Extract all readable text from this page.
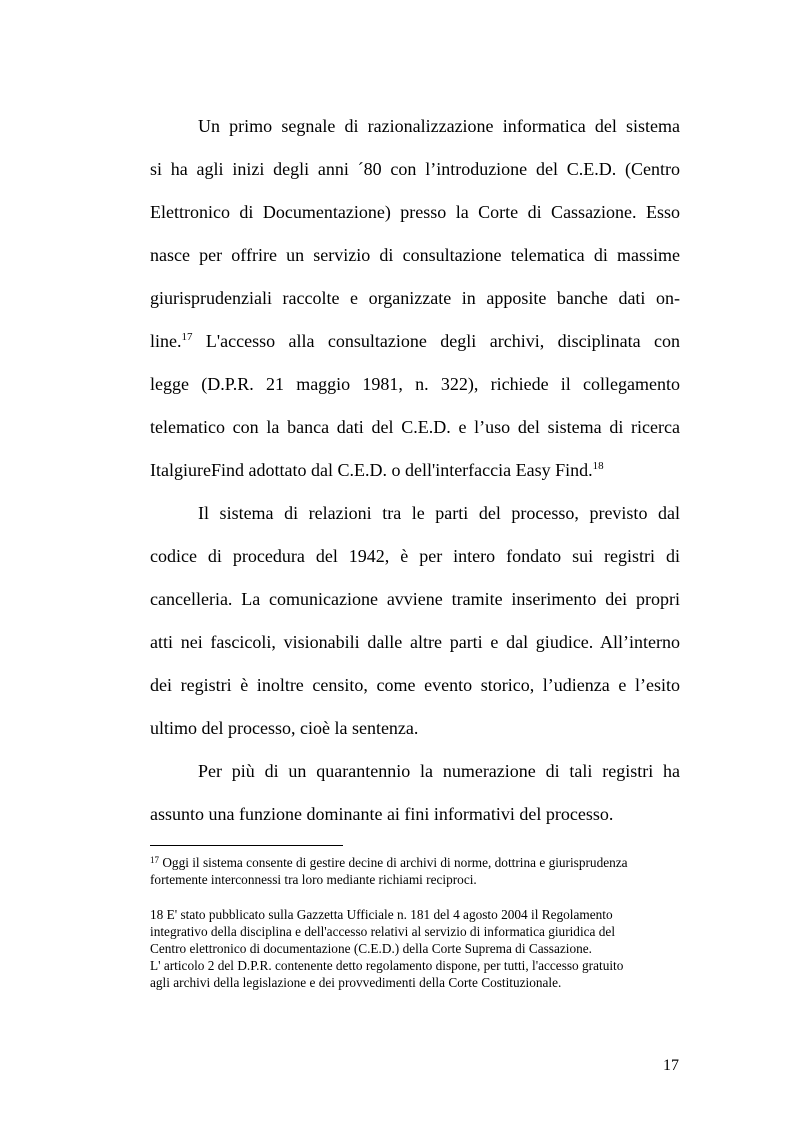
Un primo segnale di razionalizzazione informatica del sistema
si ha agli inizi degli anni ´80 con l’introduzione del C.E.D. (Centro
Elettronico di Documentazione) presso la Corte di Cassazione. Esso
nasce per offrire un servizio di consultazione telematica di massime
giurisprudenziali raccolte e organizzate in apposite banche dati on-
line.$^{17}$ L'accesso alla consultazione degli archivi, disciplinata con
legge (D.P.R. 21 maggio 1981, n. 322), richiede il collegamento
telematico con la banca dati del C.E.D. e l’uso del sistema di ricerca
ItalgiureFind adottato dal C.E.D. o dell'interfaccia Easy Find.$^{18}$
Il sistema di relazioni tra le parti del processo, previsto dal
codice di procedura del 1942, è per intero fondato sui registri di
cancelleria. La comunicazione avviene tramite inserimento dei propri
atti nei fascicoli, visionabili dalle altre parti e dal giudice. All’interno
dei registri è inoltre censito, come evento storico, l’udienza e l’esito
ultimo del processo, cioè la sentenza.
Per più di un quarantennio la numerazione di tali registri ha
assunto una funzione dominante ai fini informativi del processo.
$^{17}$ Oggi il sistema consente di gestire decine di archivi di norme, dottrina e giurisprudenza
fortemente interconnessi tra loro mediante richiami reciproci.
18 E' stato pubblicato sulla Gazzetta Ufficiale n. 181 del 4 agosto 2004 il Regolamento
integrativo della disciplina e dell'accesso relativi al servizio di informatica giuridica del
Centro elettronico di documentazione (C.E.D.) della Corte Suprema di Cassazione.
L' articolo 2 del D.P.R. contenente detto regolamento dispone, per tutti, l'accesso gratuito
agli archivi della legislazione e dei provvedimenti della Corte Costituzionale.
17
